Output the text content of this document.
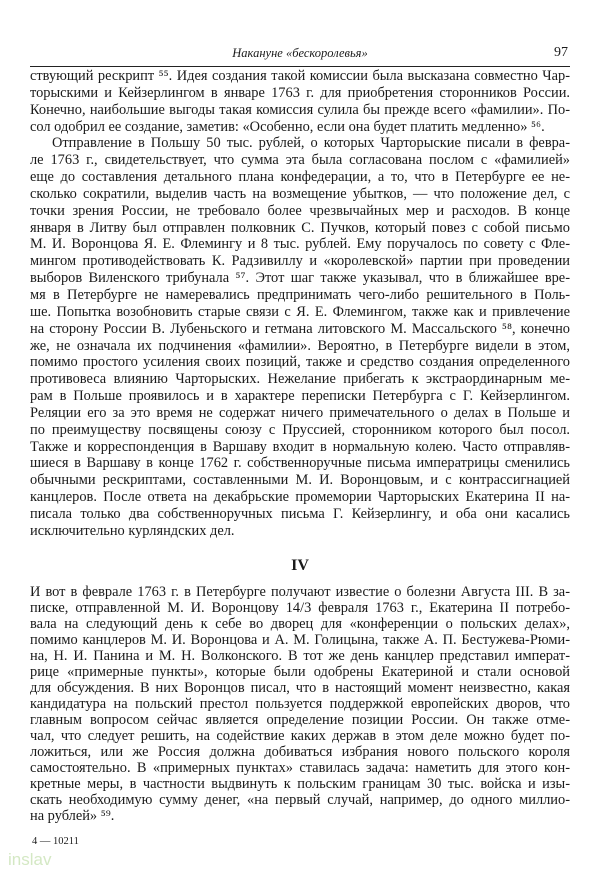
Накануне «бескоролевья»	97
ствующий рескрипт ⁵⁵. Идея создания такой комиссии была высказана совместно Чар-
торыскими и Кейзерлингом в январе 1763 г. для приобретения сторонников России.
Конечно, наибольшие выгоды такая комиссия сулила бы прежде всего «фамилии». По-
сол одобрил ее создание, заметив: «Особенно, если она будет платить медленно» ⁵⁶.
Отправление в Польшу 50 тыс. рублей, о которых Чарторыские писали в февра-
ле 1763 г., свидетельствует, что сумма эта была согласована послом с «фамилией»
еще до составления детального плана конфедерации, а то, что в Петербурге ее не-
сколько сократили, выделив часть на возмещение убытков, — что положение дел, с
точки зрения России, не требовало более чрезвычайных мер и расходов. В конце
января в Литву был отправлен полковник С. Пучков, который повез с собой письмо
М. И. Воронцова Я. Е. Флемингу и 8 тыс. рублей. Ему поручалось по совету с Фле-
мингом противодействовать К. Радзивиллу и «королевской» партии при проведении
выборов Виленского трибунала ⁵⁷. Этот шаг также указывал, что в ближайшее вре-
мя в Петербурге не намеревались предпринимать чего-либо решительного в Поль-
ше. Попытка возобновить старые связи с Я. Е. Флемингом, также как и привлечение
на сторону России В. Лубеньского и гетмана литовского М. Массальского ⁵⁸, конечно
же, не означала их подчинения «фамилии». Вероятно, в Петербурге видели в этом,
помимо простого усиления своих позиций, также и средство создания определенного
противовеса влиянию Чарторыских. Нежелание прибегать к экстраординарным ме-
рам в Польше проявилось и в характере переписки Петербурга с Г. Кейзерлингом.
Реляции его за это время не содержат ничего примечательного о делах в Польше и
по преимуществу посвящены союзу с Пруссией, сторонником которого был посол.
Также и корреспонденция в Варшаву входит в нормальную колею. Часто отправляв-
шиеся в Варшаву в конце 1762 г. собственноручные письма императрицы сменились
обычными рескриптами, составленными М. И. Воронцовым, и с контрассигнацией
канцлеров. После ответа на декабрьские промемории Чарторыских Екатерина II на-
писала только два собственноручных письма Г. Кейзерлингу, и оба они касались
исключительно курляндских дел.
IV
И вот в феврале 1763 г. в Петербурге получают известие о болезни Августа III. В за-
писке, отправленной М. И. Воронцову 14/3 февраля 1763 г., Екатерина II потребо-
вала на следующий день к себе во дворец для «конференции о польских делах»,
помимо канцлеров М. И. Воронцова и А. М. Голицына, также А. П. Бестужева-Рюми-
на, Н. И. Панина и М. Н. Волконского. В тот же день канцлер представил императ-
рице «примерные пункты», которые были одобрены Екатериной и стали основой
для обсуждения. В них Воронцов писал, что в настоящий момент неизвестно, какая
кандидатура на польский престол пользуется поддержкой европейских дворов, что
главным вопросом сейчас является определение позиции России. Он также отме-
чал, что следует решить, на содействие каких держав в этом деле можно будет по-
ложиться, или же Россия должна добиваться избрания нового польского короля
самостоятельно. В «примерных пунктах» ставилась задача: наметить для этого кон-
кретные меры, в частности выдвинуть к польским границам 30 тыс. войска и изы-
скать необходимую сумму денег, «на первый случай, например, до одного миллио-
на рублей» ⁵⁹.
4 — 10211
inslav
